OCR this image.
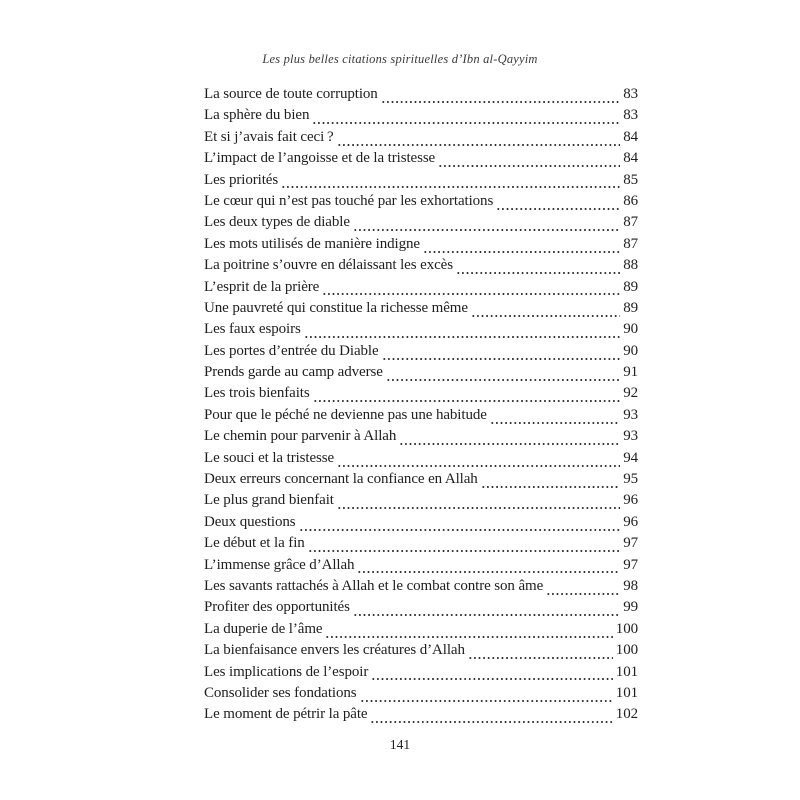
Les plus belles citations spirituelles d’Ibn al-Qayyim
La source de toute corruption	83
La sphère du bien	83
Et si j’avais fait ceci ?	84
L’impact de l’angoisse et de la tristesse	84
Les priorités	85
Le cœur qui n’est pas touché par les exhortations	86
Les deux types de diable	87
Les mots utilisés de manière indigne	87
La poitrine s’ouvre en délaissant les excès	88
L’esprit de la prière	89
Une pauvreté qui constitue la richesse même	89
Les faux espoirs	90
Les portes d’entrée du Diable	90
Prends garde au camp adverse	91
Les trois bienfaits	92
Pour que le péché ne devienne pas une habitude	93
Le chemin pour parvenir à Allah	93
Le souci et la tristesse	94
Deux erreurs concernant la confiance en Allah	95
Le plus grand bienfait	96
Deux questions	96
Le début et la fin	97
L’immense grâce d’Allah	97
Les savants rattachés à Allah et le combat contre son âme	98
Profiter des opportunités	99
La duperie de l’âme	100
La bienfaisance envers les créatures d’Allah	100
Les implications de l’espoir	101
Consolider ses fondations	101
Le moment de pétrir la pâte	102
141
